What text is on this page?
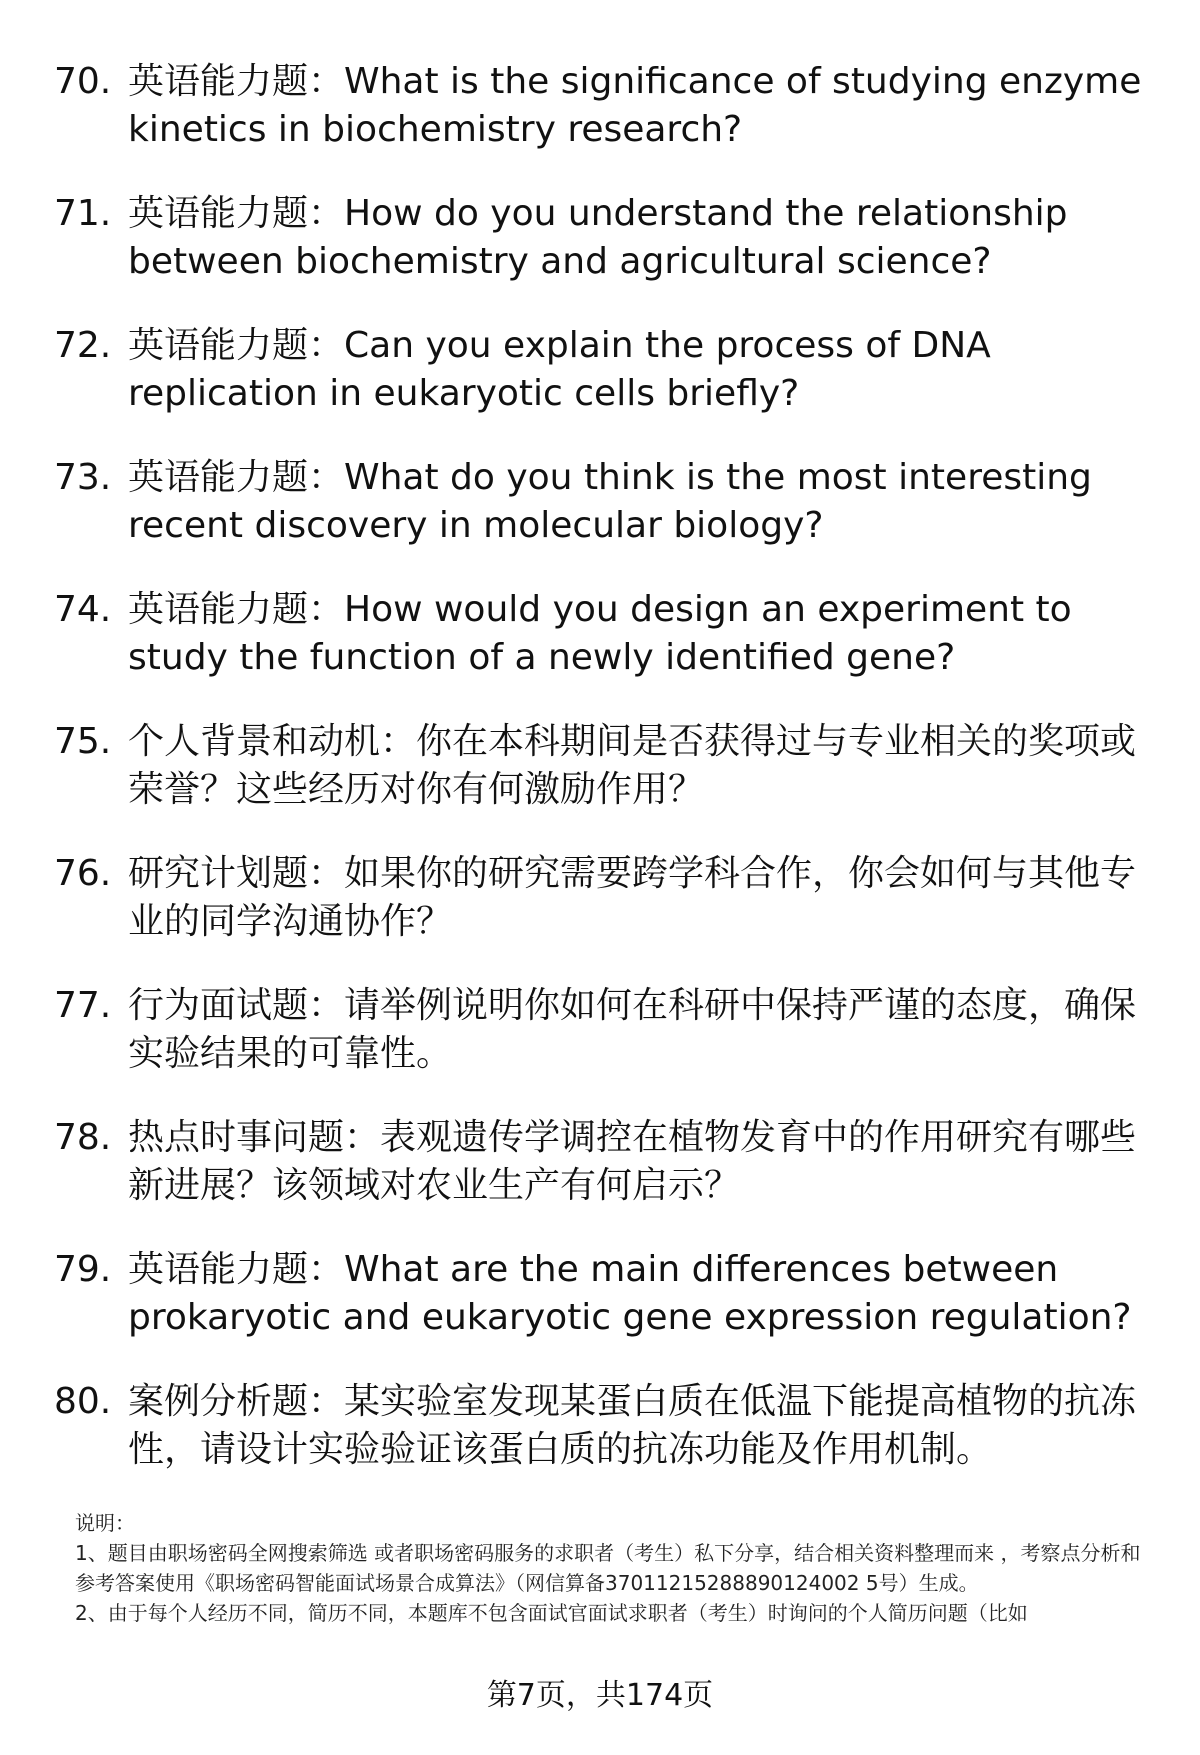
70. 英语能力题：What is the significance of studying enzyme kinetics in biochemistry research?
71. 英语能力题：How do you understand the relationship between biochemistry and agricultural science?
72. 英语能力题：Can you explain the process of DNA replication in eukaryotic cells briefly?
73. 英语能力题：What do you think is the most interesting recent discovery in molecular biology?
74. 英语能力题：How would you design an experiment to study the function of a newly identified gene?
75. 个人背景和动机：你在本科期间是否获得过与专业相关的奖项或荣誉？这些经历对你有何激励作用？
76. 研究计划题：如果你的研究需要跨学科合作，你会如何与其他专业的同学沟通协作？
77. 行为面试题：请举例说明你如何在科研中保持严谨的态度，确保实验结果的可靠性。
78. 热点时事问题：表观遗传学调控在植物发育中的作用研究有哪些新进展？该领域对农业生产有何启示？
79. 英语能力题：What are the main differences between prokaryotic and eukaryotic gene expression regulation?
80. 案例分析题：某实验室发现某蛋白质在低温下能提高植物的抗冻性，请设计实验验证该蛋白质的抗冻功能及作用机制。

说明：

1、题目由职场密码全网搜索筛选 或者职场密码服务的求职者（考生）私下分享，结合相关资料整理而来 ，考察点分析和参考答案使用《职场密码智能面试场景合成算法》（网信算备37011215288890124002 5号）生成。

2、由于每个人经历不同，简历不同，本题库不包含面试官面试求职者（考生）时询问的个人简历问题（比如

第7页，共174页
